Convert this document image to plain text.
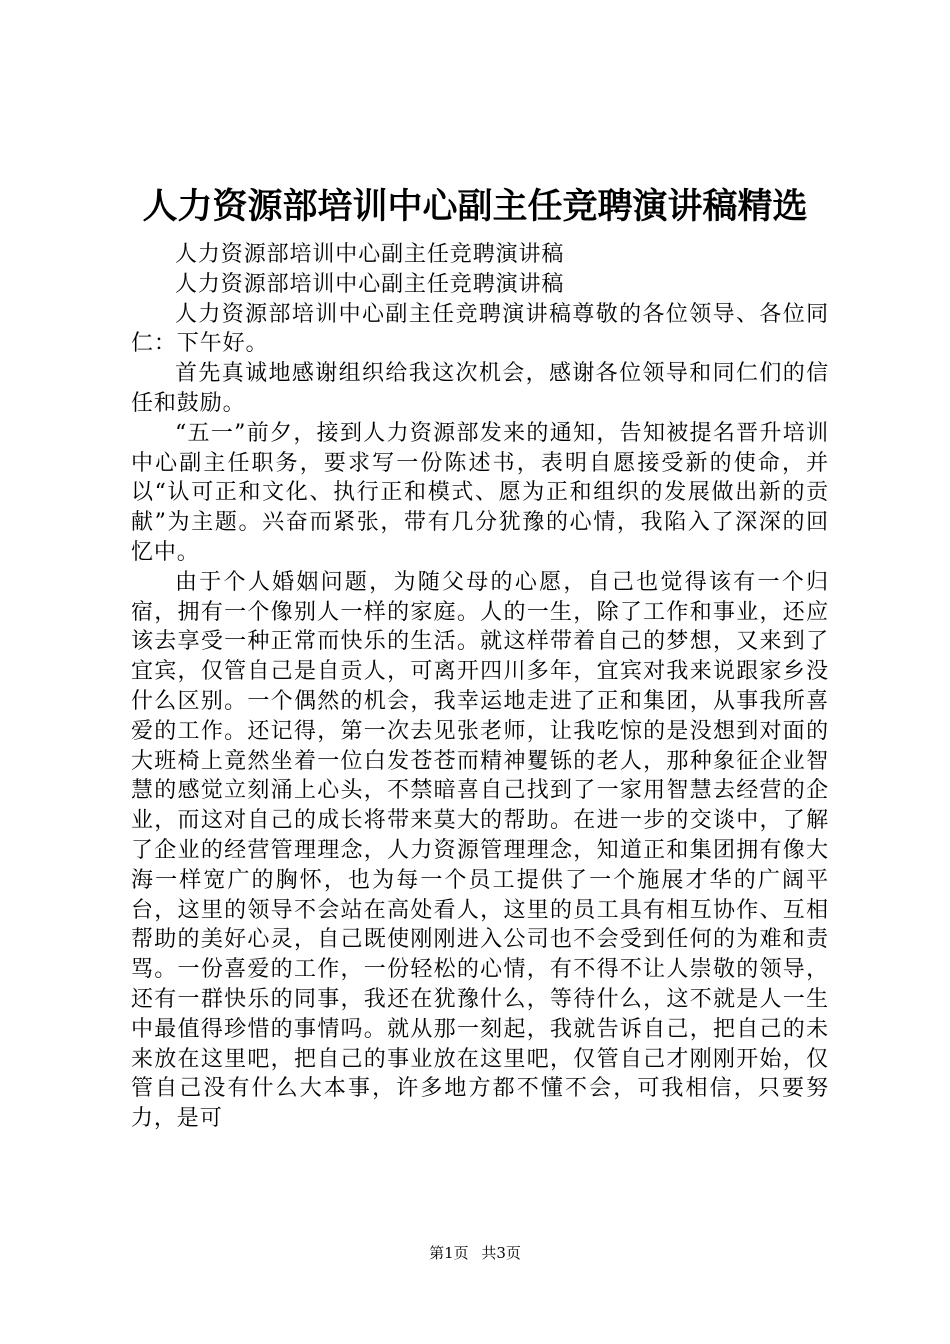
人力资源部培训中心副主任竞聘演讲稿精选

人力资源部培训中心副主任竞聘演讲稿

人力资源部培训中心副主任竞聘演讲稿

人力资源部培训中心副主任竞聘演讲稿尊敬的各位领导、各位同仁：下午好。

首先真诚地感谢组织给我这次机会，感谢各位领导和同仁们的信任和鼓励。

“五一”前夕，接到人力资源部发来的通知，告知被提名晋升培训中心副主任职务，要求写一份陈述书，表明自愿接受新的使命，并以“认可正和文化、执行正和模式、愿为正和组织的发展做出新的贡献”为主题。兴奋而紧张，带有几分犹豫的心情，我陷入了深深的回忆中。

由于个人婚姻问题，为随父母的心愿，自己也觉得该有一个归宿，拥有一个像别人一样的家庭。人的一生，除了工作和事业，还应该去享受一种正常而快乐的生活。就这样带着自己的梦想，又来到了宜宾，仅管自己是自贡人，可离开四川多年，宜宾对我来说跟家乡没什么区别。一个偶然的机会，我幸运地走进了正和集团，从事我所喜爱的工作。还记得，第一次去见张老师，让我吃惊的是没想到对面的大班椅上竟然坐着一位白发苍苍而精神矍铄的老人，那种象征企业智慧的感觉立刻涌上心头，不禁暗喜自己找到了一家用智慧去经营的企业，而这对自己的成长将带来莫大的帮助。在进一步的交谈中，了解了企业的经营管理理念，人力资源管理理念，知道正和集团拥有像大海一样宽广的胸怀，也为每一个员工提供了一个施展才华的广阔平台，这里的领导不会站在高处看人，这里的员工具有相互协作、互相帮助的美好心灵，自己既使刚刚进入公司也不会受到任何的为难和责骂。一份喜爱的工作，一份轻松的心情，有不得不让人崇敬的领导，还有一群快乐的同事，我还在犹豫什么，等待什么，这不就是人一生中最值得珍惜的事情吗。就从那一刻起，我就告诉自己，把自己的未来放在这里吧，把自己的事业放在这里吧，仅管自己才刚刚开始，仅管自己没有什么大本事，许多地方都不懂不会，可我相信，只要努力，是可

第1页 共3页
